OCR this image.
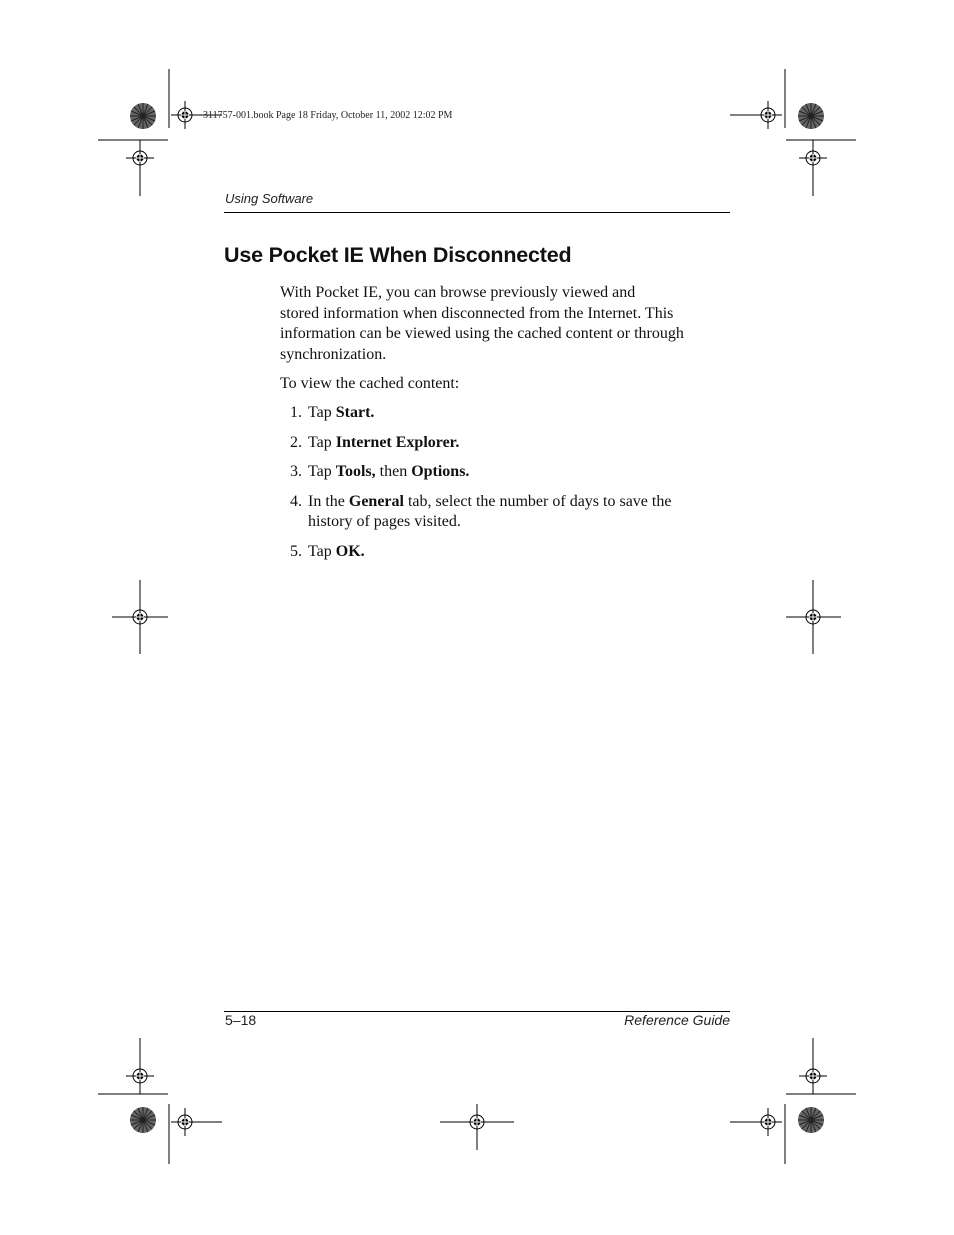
311757-001.book Page 18 Friday, October 11, 2002 12:02 PM
Using Software
Use Pocket IE When Disconnected

With Pocket IE, you can browse previously viewed and
stored information when disconnected from the Internet. This
information can be viewed using the cached content or through
synchronization.

To view the cached content:

1. Tap Start.
2. Tap Internet Explorer.
3. Tap Tools, then Options.
4. In the General tab, select the number of days to save the
history of pages visited.
5. Tap OK.
5–18	Reference Guide
